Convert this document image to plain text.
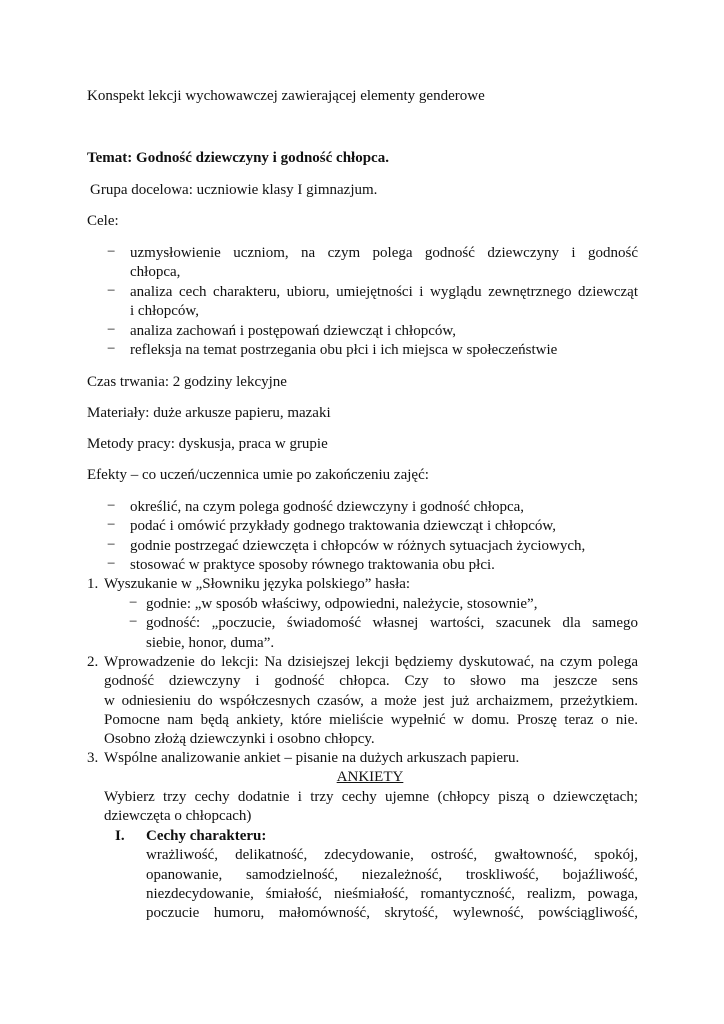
Konspekt lekcji wychowawczej zawierającej elementy genderowe
Temat: Godność dziewczyny i godność chłopca.
Grupa docelowa: uczniowie klasy I gimnazjum.
Cele:
− uzmysłowienie uczniom, na czym polega godność dziewczyny i godność
chłopca,
− analiza cech charakteru, ubioru, umiejętności i wyglądu zewnętrznego dziewcząt
i chłopców,
− analiza zachowań i postępowań dziewcząt i chłopców,
− refleksja na temat postrzegania obu płci i ich miejsca w społeczeństwie
Czas trwania: 2 godziny lekcyjne
Materiały: duże arkusze papieru, mazaki
Metody pracy: dyskusja, praca w grupie
Efekty – co uczeń/uczennica umie po zakończeniu zajęć:
− określić, na czym polega godność dziewczyny i godność chłopca,
− podać i omówić przykłady godnego traktowania dziewcząt i chłopców,
− godnie postrzegać dziewczęta i chłopców w różnych sytuacjach życiowych,
− stosować w praktyce sposoby równego traktowania obu płci.
1. Wyszukanie w „Słowniku języka polskiego” hasła:
− godnie: „w sposób właściwy, odpowiedni, należycie, stosownie”,
− godność: „poczucie, świadomość własnej wartości, szacunek dla samego
siebie, honor, duma”.
2. Wprowadzenie do lekcji: Na dzisiejszej lekcji będziemy dyskutować, na czym polega
godność dziewczyny i godność chłopca. Czy to słowo ma jeszcze sens
w odniesieniu do współczesnych czasów, a może jest już archaizmem, przeżytkiem.
Pomocne nam będą ankiety, które mieliście wypełnić w domu. Proszę teraz o nie.
Osobno złożą dziewczynki i osobno chłopcy.
3. Wspólne analizowanie ankiet – pisanie na dużych arkuszach papieru.
ANKIETY
Wybierz trzy cechy dodatnie i trzy cechy ujemne (chłopcy piszą o dziewczętach;
dziewczęta o chłopcach)
I. Cechy charakteru:
wrażliwość, delikatność, zdecydowanie, ostrość, gwałtowność, spokój,
opanowanie, samodzielność, niezależność, troskliwość, bojaźliwość,
niezdecydowanie, śmiałość, nieśmiałość, romantyczność, realizm, powaga,
poczucie humoru, małomówność, skrytość, wylewność, powściągliwość,
